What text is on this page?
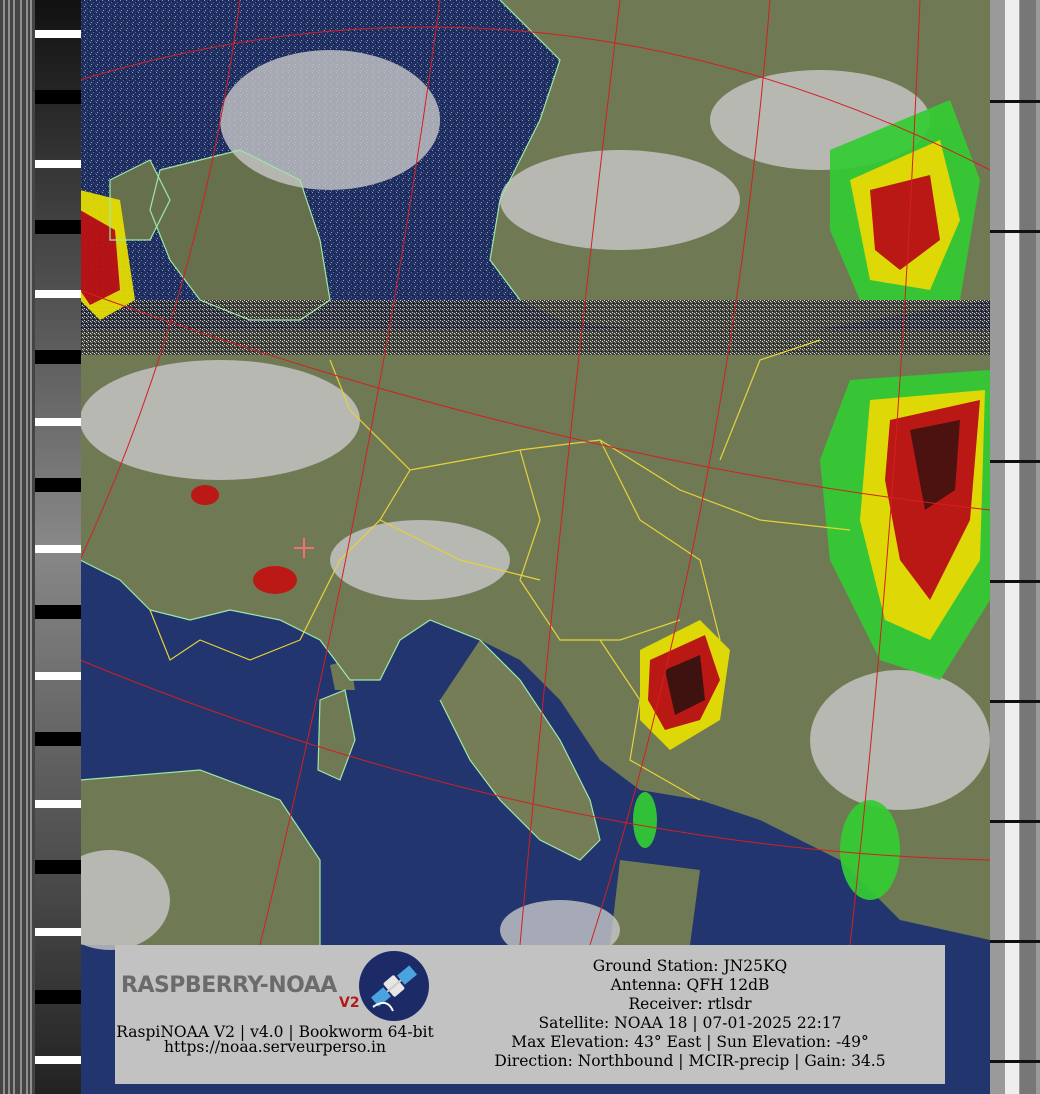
RASPBERRY-NOAA
V2
RaspiNOAA V2 | v4.0 | Bookworm 64-bit
https://noaa.serveurperso.in
Ground Station: JN25KQ
Antenna: QFH 12dB
Receiver: rtlsdr
Satellite: NOAA 18 | 07-01-2025 22:17
Max Elevation: 43° East | Sun Elevation: -49°
Direction: Northbound | MCIR-precip | Gain: 34.5
